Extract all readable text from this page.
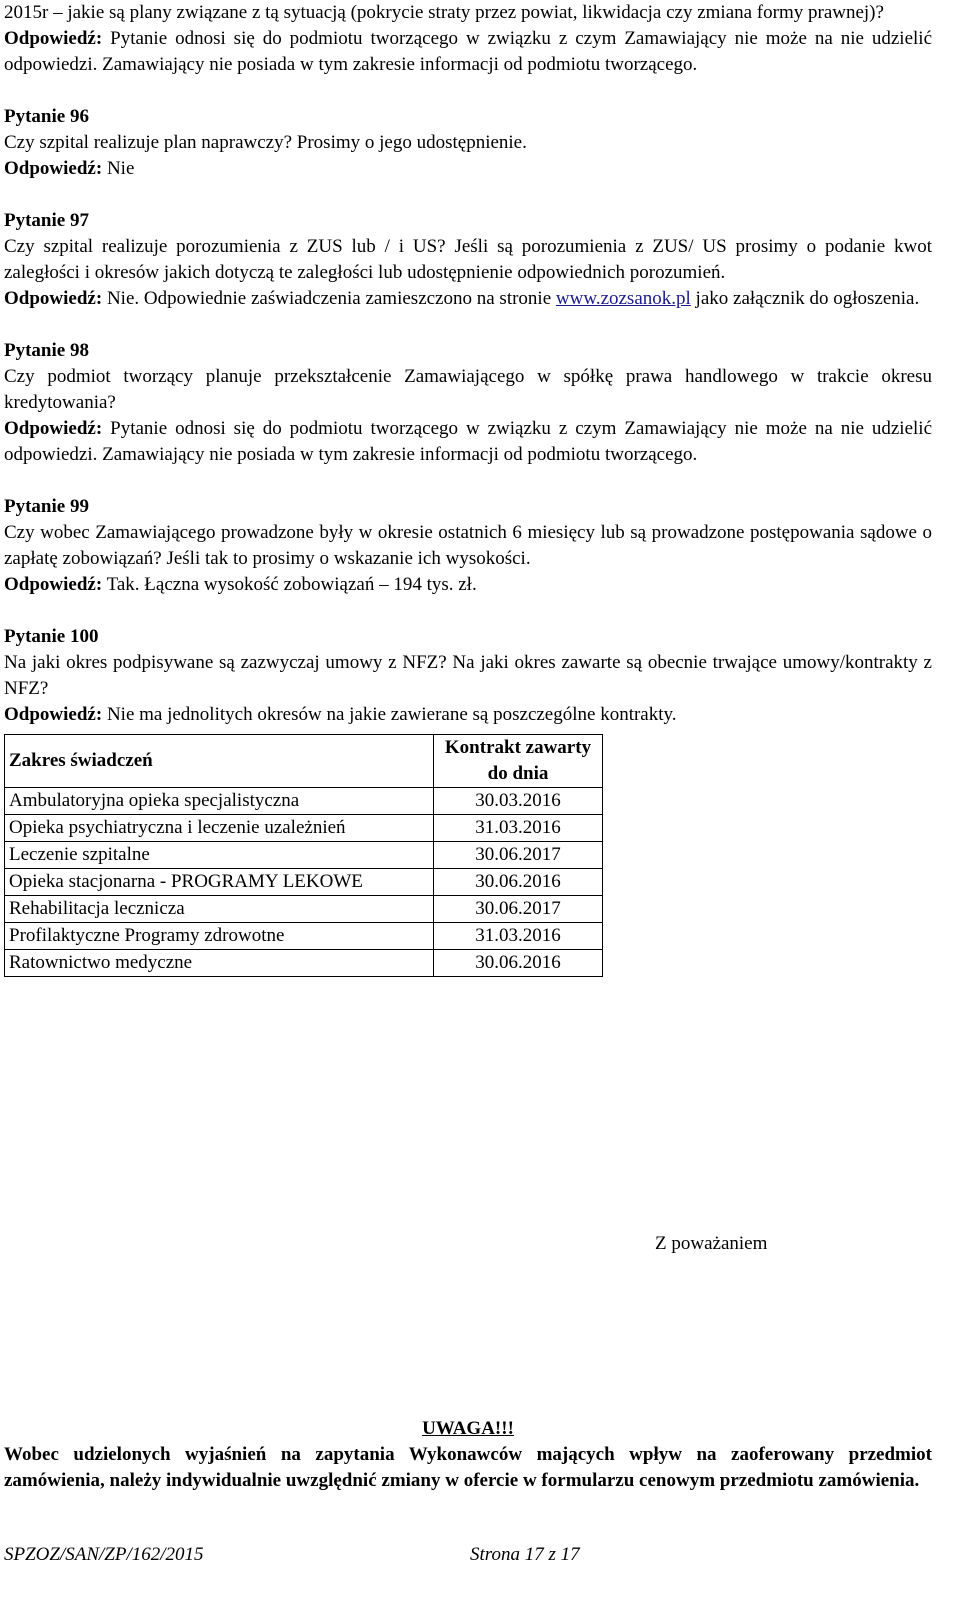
2015r – jakie są plany związane z tą sytuacją (pokrycie straty przez powiat, likwidacja czy zmiana formy prawnej)?

Odpowiedź: Pytanie odnosi się do podmiotu tworzącego w związku z czym Zamawiający nie może na nie udzielić odpowiedzi. Zamawiający nie posiada w tym zakresie informacji od podmiotu tworzącego.

Pytanie 96

Czy szpital realizuje plan naprawczy? Prosimy o jego udostępnienie.

Odpowiedź: Nie

Pytanie 97

Czy szpital realizuje porozumienia z ZUS lub / i US? Jeśli są porozumienia z ZUS/ US prosimy o podanie kwot zaległości i okresów jakich dotyczą te zaległości lub udostępnienie odpowiednich porozumień.

Odpowiedź: Nie. Odpowiednie zaświadczenia zamieszczono na stronie www.zozsanok.pl jako załącznik do ogłoszenia.

Pytanie 98

Czy podmiot tworzący planuje przekształcenie Zamawiającego w spółkę prawa handlowego w trakcie okresu kredytowania?

Odpowiedź: Pytanie odnosi się do podmiotu tworzącego w związku z czym Zamawiający nie może na nie udzielić odpowiedzi. Zamawiający nie posiada w tym zakresie informacji od podmiotu tworzącego.

Pytanie 99

Czy wobec Zamawiającego prowadzone były w okresie ostatnich 6 miesięcy lub są prowadzone postępowania sądowe o zapłatę zobowiązań? Jeśli tak to prosimy o wskazanie ich wysokości.

Odpowiedź: Tak. Łączna wysokość zobowiązań – 194 tys. zł.

Pytanie 100

Na jaki okres podpisywane są zazwyczaj umowy z NFZ? Na jaki okres zawarte są obecnie trwające umowy/kontrakty z NFZ?

Odpowiedź: Nie ma jednolitych okresów na jakie zawierane są poszczególne kontrakty.

Zakres świadczeń	Kontrakt zawarty do dnia
Ambulatoryjna opieka specjalistyczna	30.03.2016
Opieka psychiatryczna i leczenie uzależnień	31.03.2016
Leczenie szpitalne	30.06.2017
Opieka stacjonarna - PROGRAMY LEKOWE	30.06.2016
Rehabilitacja lecznicza	30.06.2017
Profilaktyczne Programy zdrowotne	31.03.2016
Ratownictwo medyczne	30.06.2016
Z poważaniem

UWAGA!!!

Wobec udzielonych wyjaśnień na zapytania Wykonawców mających wpływ na zaoferowany przedmiot zamówienia, należy indywidualnie uwzględnić zmiany w ofercie w formularzu cenowym przedmiotu zamówienia.

SPZOZ/SAN/ZP/162/2015	Strona 17 z 17
